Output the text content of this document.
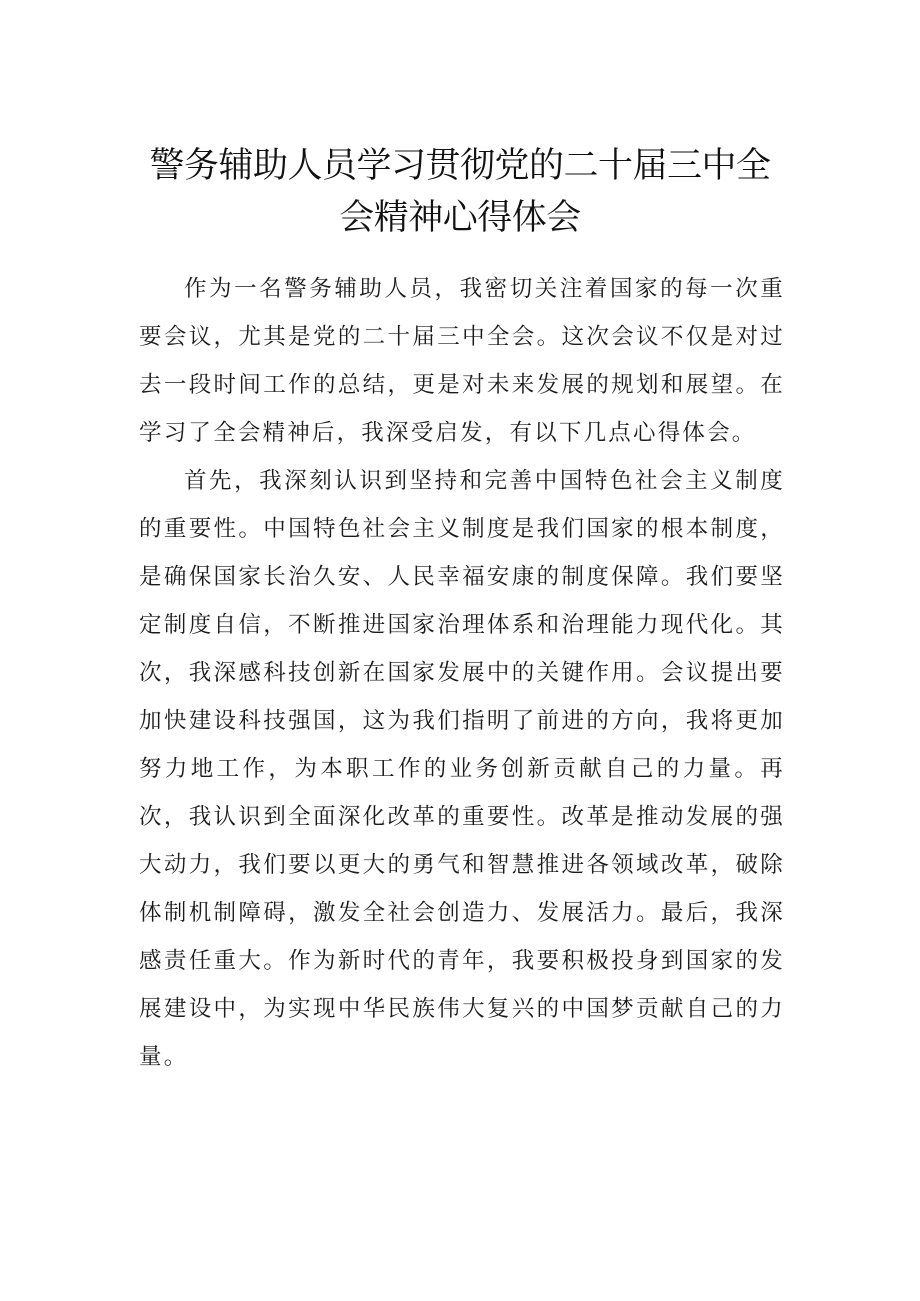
警务辅助人员学习贯彻党的二十届三中全
会精神心得体会

作为一名警务辅助人员，我密切关注着国家的每一次重要会议，尤其是党的二十届三中全会。这次会议不仅是对过去一段时间工作的总结，更是对未来发展的规划和展望。在学习了全会精神后，我深受启发，有以下几点心得体会。

首先，我深刻认识到坚持和完善中国特色社会主义制度的重要性。中国特色社会主义制度是我们国家的根本制度，是确保国家长治久安、人民幸福安康的制度保障。我们要坚定制度自信，不断推进国家治理体系和治理能力现代化。其次，我深感科技创新在国家发展中的关键作用。会议提出要加快建设科技强国，这为我们指明了前进的方向，我将更加努力地工作，为本职工作的业务创新贡献自己的力量。再次，我认识到全面深化改革的重要性。改革是推动发展的强大动力，我们要以更大的勇气和智慧推进各领域改革，破除体制机制障碍，激发全社会创造力、发展活力。最后，我深感责任重大。作为新时代的青年，我要积极投身到国家的发展建设中，为实现中华民族伟大复兴的中国梦贡献自己的力量。
